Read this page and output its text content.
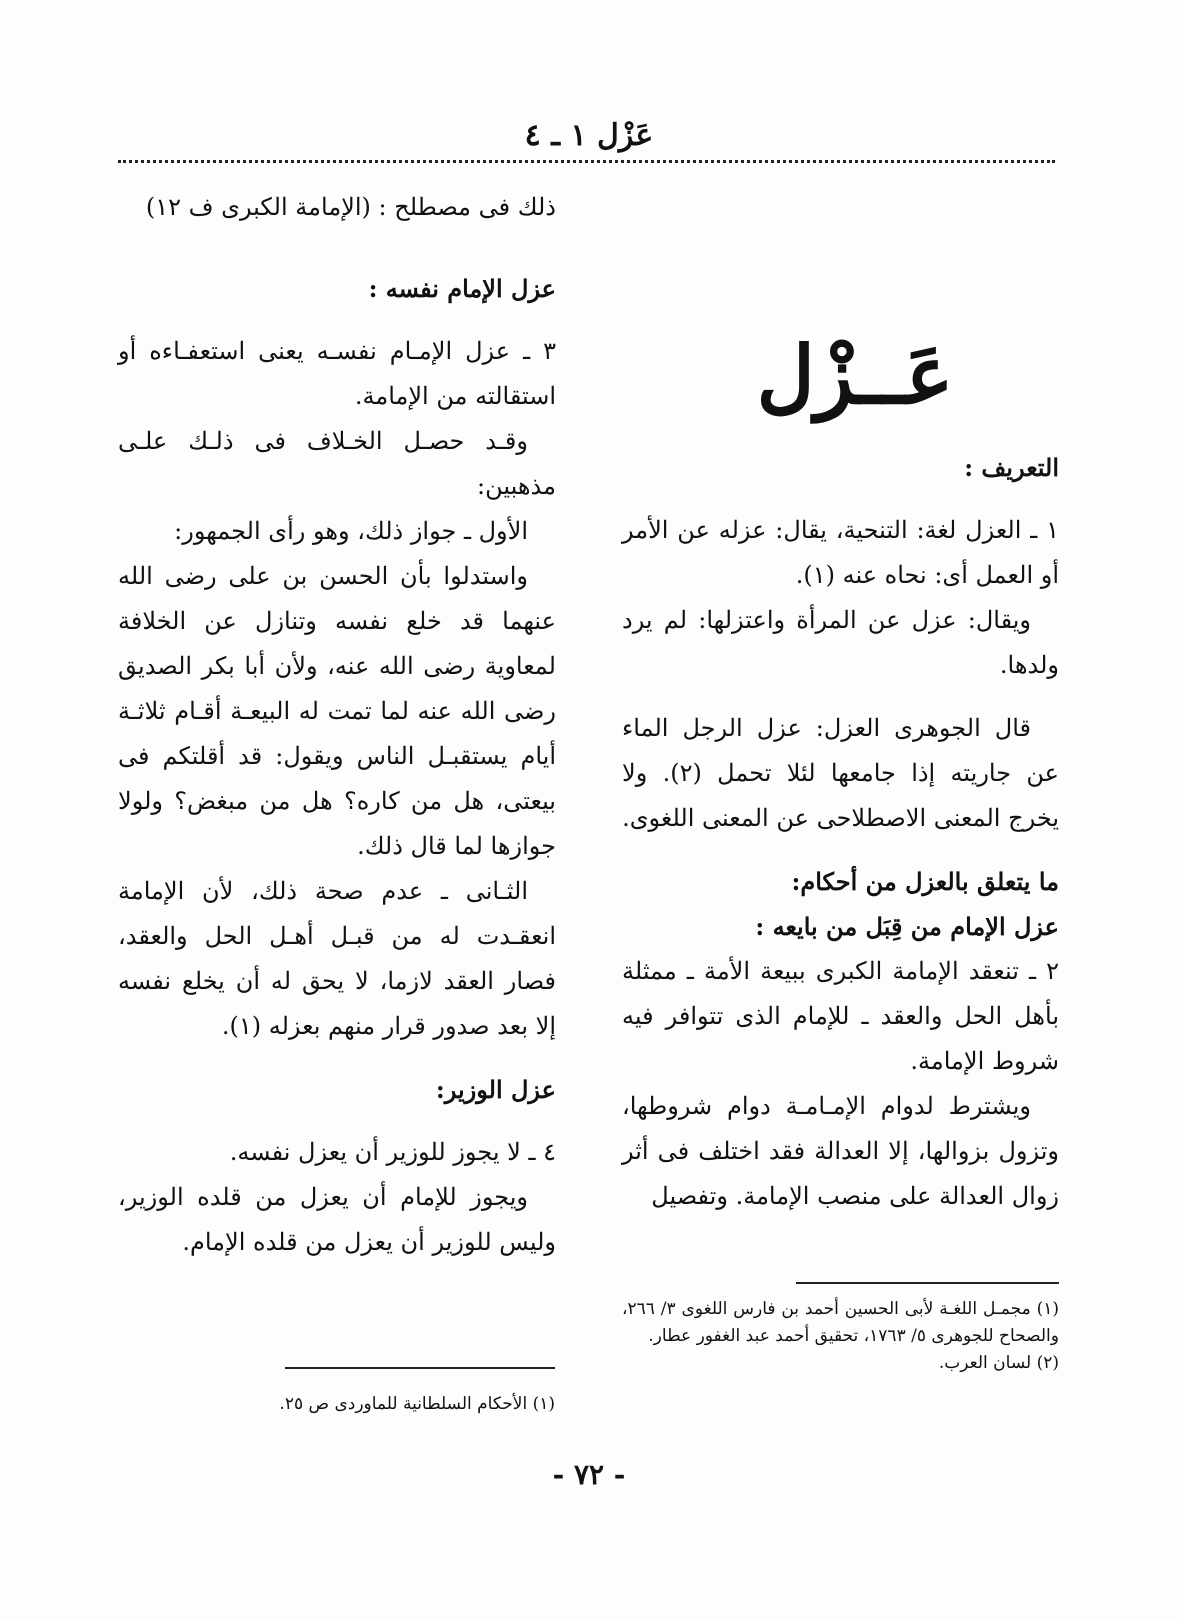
عَزْل ١ ـ ٤
عَــزْل

التعريف :

١ ـ العزل لغة: التنحية، يقال: عزله عن الأمر أو العمل أى: نحاه عنه (١).

ويقال: عزل عن المرأة واعتزلها: لم يرد ولدها.

قال الجوهرى العزل: عزل الرجل الماء عن جاريته إذا جامعها لئلا تحمل (٢). ولا يخرج المعنى الاصطلاحى عن المعنى اللغوى.

ما يتعلق بالعزل من أحكام:

عزل الإمام من قِبَل من بايعه :

٢ ـ تنعقد الإمامة الكبرى ببيعة الأمة ـ ممثلة بأهل الحل والعقد ـ للإمام الذى تتوافر فيه شروط الإمامة.

ويشترط لدوام الإمـامـة دوام شروطها، وتزول بزوالها، إلا العدالة فقد اختلف فى أثر زوال العدالة على منصب الإمامة. وتفصيل

ذلك فى مصطلح : (الإمامة الكبرى ف ١٢)

عزل الإمام نفسه :

٣ ـ عزل الإمـام نفسـه يعنى استعفـاءه أو استقالته من الإمامة.

وقـد حصـل الخـلاف فى ذلـك علـى مذهبين:

الأول ـ جواز ذلك، وهو رأى الجمهور:

واستدلوا بأن الحسن بن على رضى الله عنهما قد خلع نفسه وتنازل عن الخلافة لمعاوية رضى الله عنه، ولأن أبا بكر الصديق رضى الله عنه لما تمت له البيعـة أقـام ثلاثـة أيام يستقبـل الناس ويقول: قد أقلتكم فى بيعتى، هل من كاره؟ هل من مبغض؟ ولولا جوازها لما قال ذلك.

الثـانى ـ عدم صحة ذلك، لأن الإمامة انعقـدت له من قبـل أهـل الحل والعقد، فصار العقد لازما، لا يحق له أن يخلع نفسه إلا بعد صدور قرار منهم بعزله (١).

عزل الوزير:

٤ ـ لا يجوز للوزير أن يعزل نفسه.

ويجوز للإمام أن يعزل من قلده الوزير، وليس للوزير أن يعزل من قلده الإمام.

(١) مجمـل اللغـة لأبى الحسين أحمد بن فارس اللغوى ٣/ ٢٦٦، والصحاح للجوهرى ٥/ ١٧٦٣، تحقيق أحمد عبد الغفور عطار.

(٢) لسان العرب.

(١) الأحكام السلطانية للماوردى ص ٢٥.

- ٧٢ -
